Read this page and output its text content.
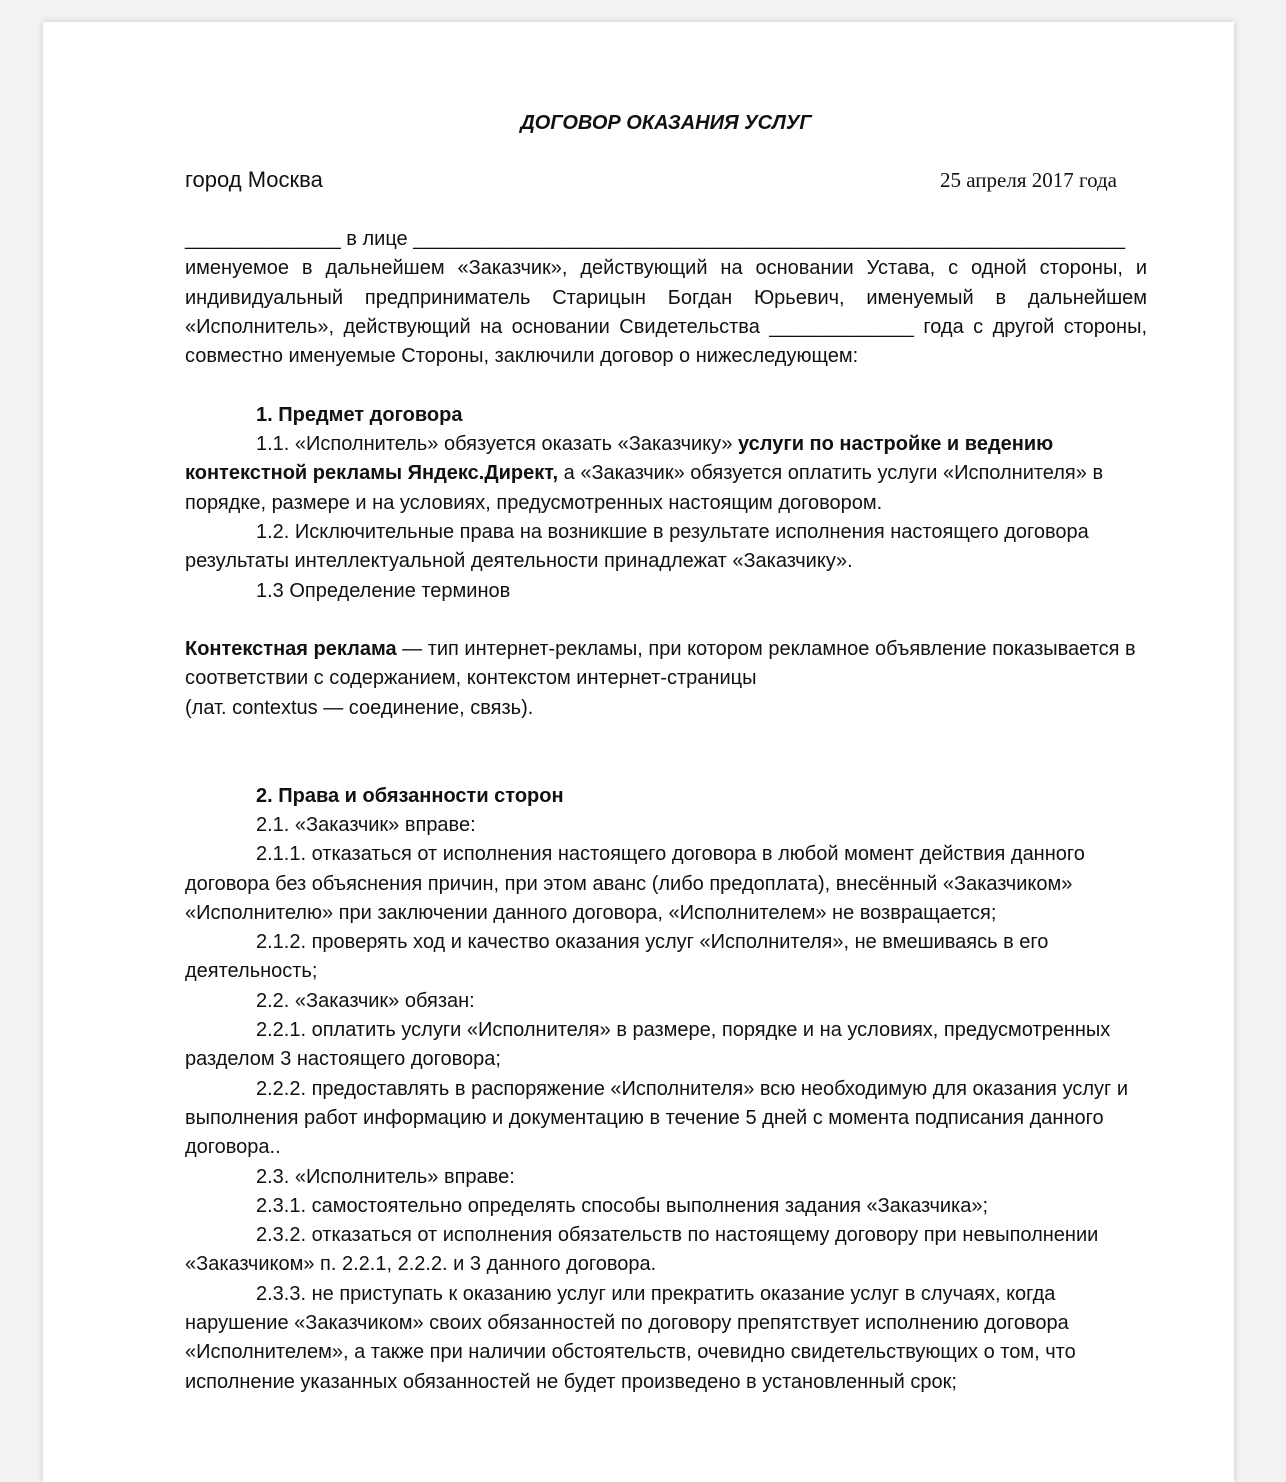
ДОГОВОР ОКАЗАНИЯ УСЛУГ
город Москва	25 апреля 2017 года

______________ в лице ________________________________________________________________

именуемое в дальнейшем «Заказчик», действующий на основании Устава, с одной стороны, и индивидуальный предприниматель Старицын Богдан Юрьевич, именуемый в дальнейшем «Исполнитель», действующий на основании Свидетельства _____________ года с другой стороны, совместно именуемые Стороны, заключили договор о нижеследующем:

1. Предмет договора

1.1. «Исполнитель» обязуется оказать «Заказчику» услуги по настройке и ведению контекстной рекламы Яндекс.Директ, а «Заказчик» обязуется оплатить услуги «Исполнителя» в порядке, размере и на условиях, предусмотренных настоящим договором.

1.2. Исключительные права на возникшие в результате исполнения настоящего договора результаты интеллектуальной деятельности принадлежат «Заказчику».

1.3 Определение терминов

Контекстная реклама — тип интернет-рекламы, при котором рекламное объявление показывается в соответствии с содержанием, контекстом интернет-страницы
(лат. contextus — соединение, связь).

2. Права и обязанности сторон

2.1. «Заказчик» вправе:

2.1.1. отказаться от исполнения настоящего договора в любой момент действия данного договора без объяснения причин, при этом аванс (либо предоплата), внесённый «Заказчиком» «Исполнителю» при заключении данного договора, «Исполнителем» не возвращается;

2.1.2. проверять ход и качество оказания услуг «Исполнителя», не вмешиваясь в его деятельность;

2.2. «Заказчик» обязан:

2.2.1. оплатить услуги «Исполнителя» в размере, порядке и на условиях, предусмотренных разделом 3 настоящего договора;

2.2.2. предоставлять в распоряжение «Исполнителя» всю необходимую для оказания услуг и выполнения работ информацию и документацию в течение 5 дней с момента подписания данного договора..

2.3. «Исполнитель» вправе:

2.3.1. самостоятельно определять способы выполнения задания «Заказчика»;

2.3.2. отказаться от исполнения обязательств по настоящему договору при невыполнении «Заказчиком» п. 2.2.1, 2.2.2. и 3 данного договора.

2.3.3. не приступать к оказанию услуг или прекратить оказание услуг в случаях, когда нарушение «Заказчиком» своих обязанностей по договору препятствует исполнению договора «Исполнителем», а также при наличии обстоятельств, очевидно свидетельствующих о том, что исполнение указанных обязанностей не будет произведено в установленный срок;
